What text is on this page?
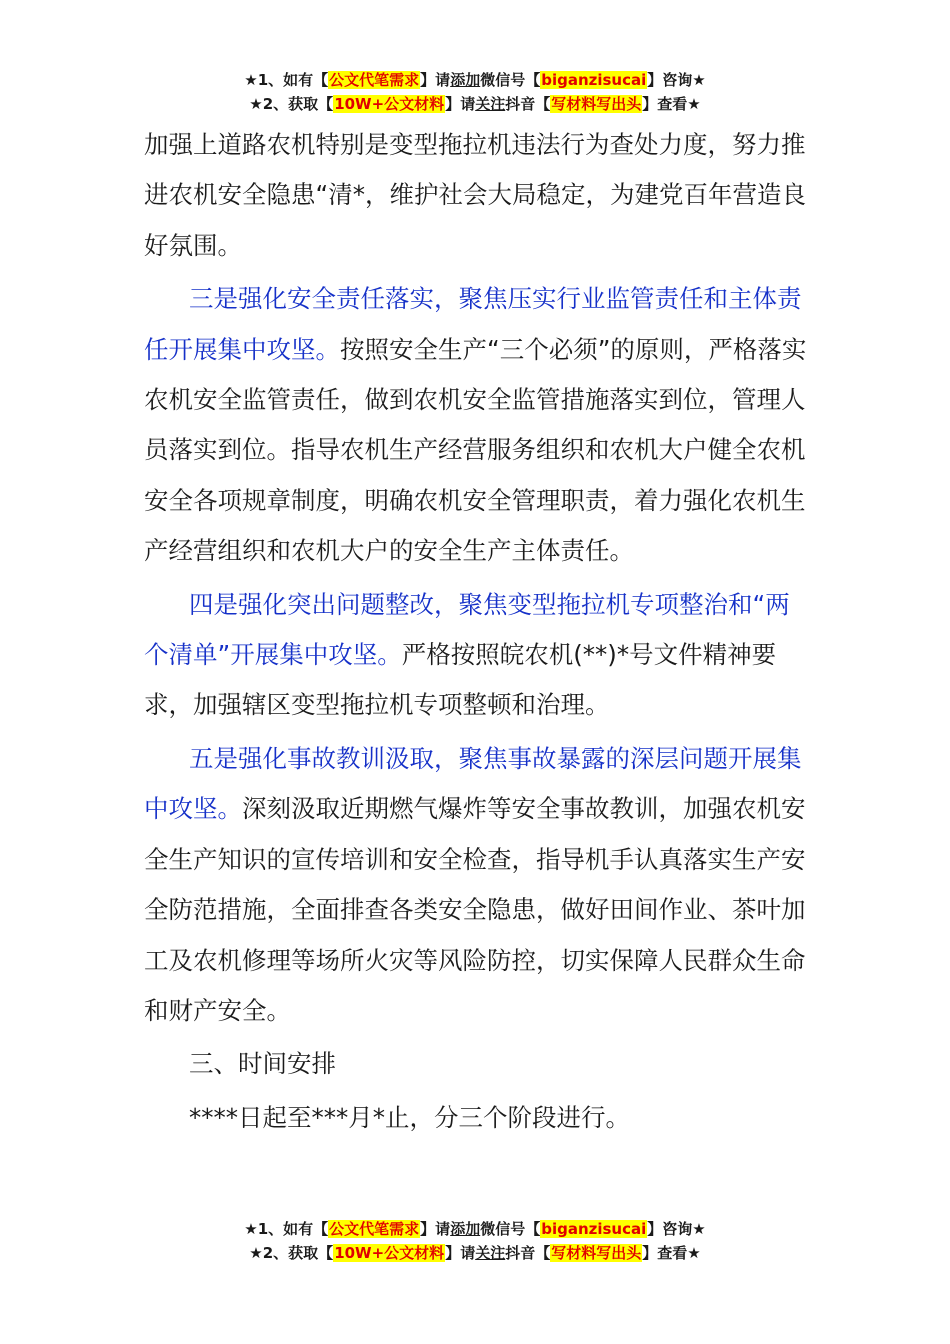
★1、如有【公文代笔需求】请添加微信号【biganzisucai】咨询★
★2、获取【10W+公文材料】请关注抖音【写材料写出头】查看★

加强上道路农机特别是变型拖拉机违法行为查处力度，努力推进农机安全隐患“清*，维护社会大局稳定，为建党百年营造良好氛围。

三是强化安全责任落实，聚焦压实行业监管责任和主体责任开展集中攻坚。按照安全生产“三个必须”的原则，严格落实农机安全监管责任，做到农机安全监管措施落实到位，管理人员落实到位。指导农机生产经营服务组织和农机大户健全农机安全各项规章制度，明确农机安全管理职责，着力强化农机生产经营组织和农机大户的安全生产主体责任。

四是强化突出问题整改，聚焦变型拖拉机专项整治和“两个清单”开展集中攻坚。严格按照皖农机(**)*号文件精神要求，加强辖区变型拖拉机专项整顿和治理。

五是强化事故教训汲取，聚焦事故暴露的深层问题开展集中攻坚。深刻汲取近期燃气爆炸等安全事故教训，加强农机安全生产知识的宣传培训和安全检查，指导机手认真落实生产安全防范措施，全面排查各类安全隐患，做好田间作业、茶叶加工及农机修理等场所火灾等风险防控，切实保障人民群众生命和财产安全。

三、时间安排

****日起至***月*止，分三个阶段进行。

★1、如有【公文代笔需求】请添加微信号【biganzisucai】咨询★
★2、获取【10W+公文材料】请关注抖音【写材料写出头】查看★
